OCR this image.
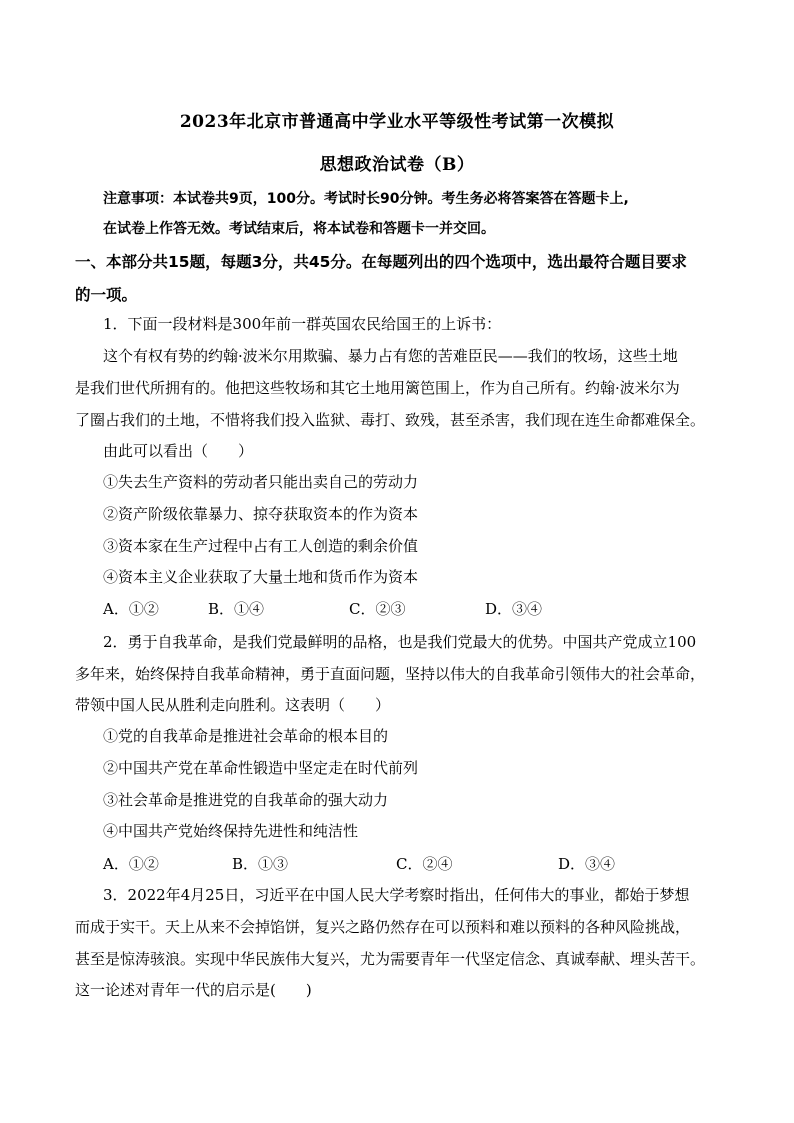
2023年北京市普通高中学业水平等级性考试第一次模拟
思想政治试卷（B）
注意事项：本试卷共9页，100分。考试时长90分钟。考生务必将答案答在答题卡上,
在试卷上作答无效。考试结束后，将本试卷和答题卡一并交回。
一、本部分共15题，每题3分，共45分。在每题列出的四个选项中，选出最符合题目要求
的一项。
1．下面一段材料是300年前一群英国农民给国王的上诉书：
这个有权有势的约翰·波米尔用欺骗、暴力占有您的苦难臣民——我们的牧场，这些土地
是我们世代所拥有的。他把这些牧场和其它土地用篱笆围上，作为自己所有。约翰·波米尔为
了圈占我们的土地，不惜将我们投入监狱、毒打、致残，甚至杀害，我们现在连生命都难保全。
由此可以看出（　　）
①失去生产资料的劳动者只能出卖自己的劳动力
②资产阶级依靠暴力、掠夺获取资本的作为资本
③资本家在生产过程中占有工人创造的剩余价值
④资本主义企业获取了大量土地和货币作为资本
A．①②	B．①④	C．②③	D．③④
2．勇于自我革命，是我们党最鲜明的品格，也是我们党最大的优势。中国共产党成立100
多年来，始终保持自我革命精神，勇于直面问题，坚持以伟大的自我革命引领伟大的社会革命，
带领中国人民从胜利走向胜利。这表明（　　）
①党的自我革命是推进社会革命的根本目的
②中国共产党在革命性锻造中坚定走在时代前列
③社会革命是推进党的自我革命的强大动力
④中国共产党始终保持先进性和纯洁性
A．①②	B．①③	C．②④	D．③④
3．2022年4月25日，习近平在中国人民大学考察时指出，任何伟大的事业，都始于梦想
而成于实干。天上从来不会掉馅饼，复兴之路仍然存在可以预料和难以预料的各种风险挑战，
甚至是惊涛骇浪。实现中华民族伟大复兴，尤为需要青年一代坚定信念、真诚奉献、埋头苦干。
这一论述对青年一代的启示是(　　)
